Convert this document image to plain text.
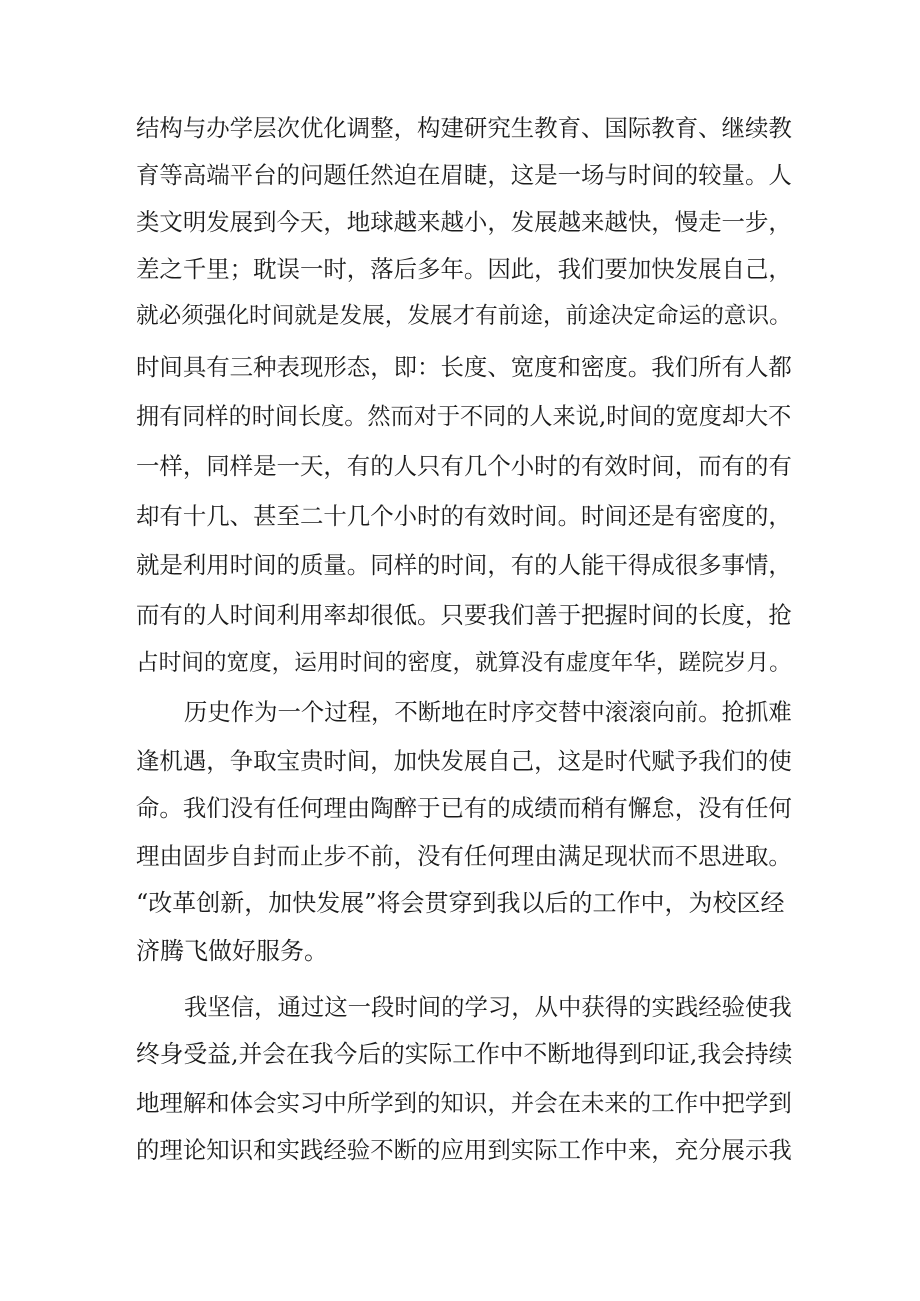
结构与办学层次优化调整，构建研究生教育、国际教育、继续教
育等高端平台的问题任然迫在眉睫，这是一场与时间的较量。人
类文明发展到今天，地球越来越小，发展越来越快，慢走一步，
差之千里；耽误一时，落后多年。因此，我们要加快发展自己，
就必须强化时间就是发展，发展才有前途，前途决定命运的意识。
时间具有三种表现形态，即：长度、宽度和密度。我们所有人都
拥有同样的时间长度。然而对于不同的人来说,时间的宽度却大不
一样，同样是一天，有的人只有几个小时的有效时间，而有的有
却有十几、甚至二十几个小时的有效时间。时间还是有密度的，
就是利用时间的质量。同样的时间，有的人能干得成很多事情，
而有的人时间利用率却很低。只要我们善于把握时间的长度，抢
占时间的宽度，运用时间的密度，就算没有虚度年华，蹉院岁月。
历史作为一个过程，不断地在时序交替中滚滚向前。抢抓难
逢机遇，争取宝贵时间，加快发展自己，这是时代赋予我们的使
命。我们没有任何理由陶醉于已有的成绩而稍有懈怠，没有任何
理由固步自封而止步不前，没有任何理由满足现状而不思进取。
“改革创新，加快发展”将会贯穿到我以后的工作中，为校区经
济腾飞做好服务。
我坚信，通过这一段时间的学习，从中获得的实践经验使我
终身受益,并会在我今后的实际工作中不断地得到印证,我会持续
地理解和体会实习中所学到的知识，并会在未来的工作中把学到
的理论知识和实践经验不断的应用到实际工作中来，充分展示我
